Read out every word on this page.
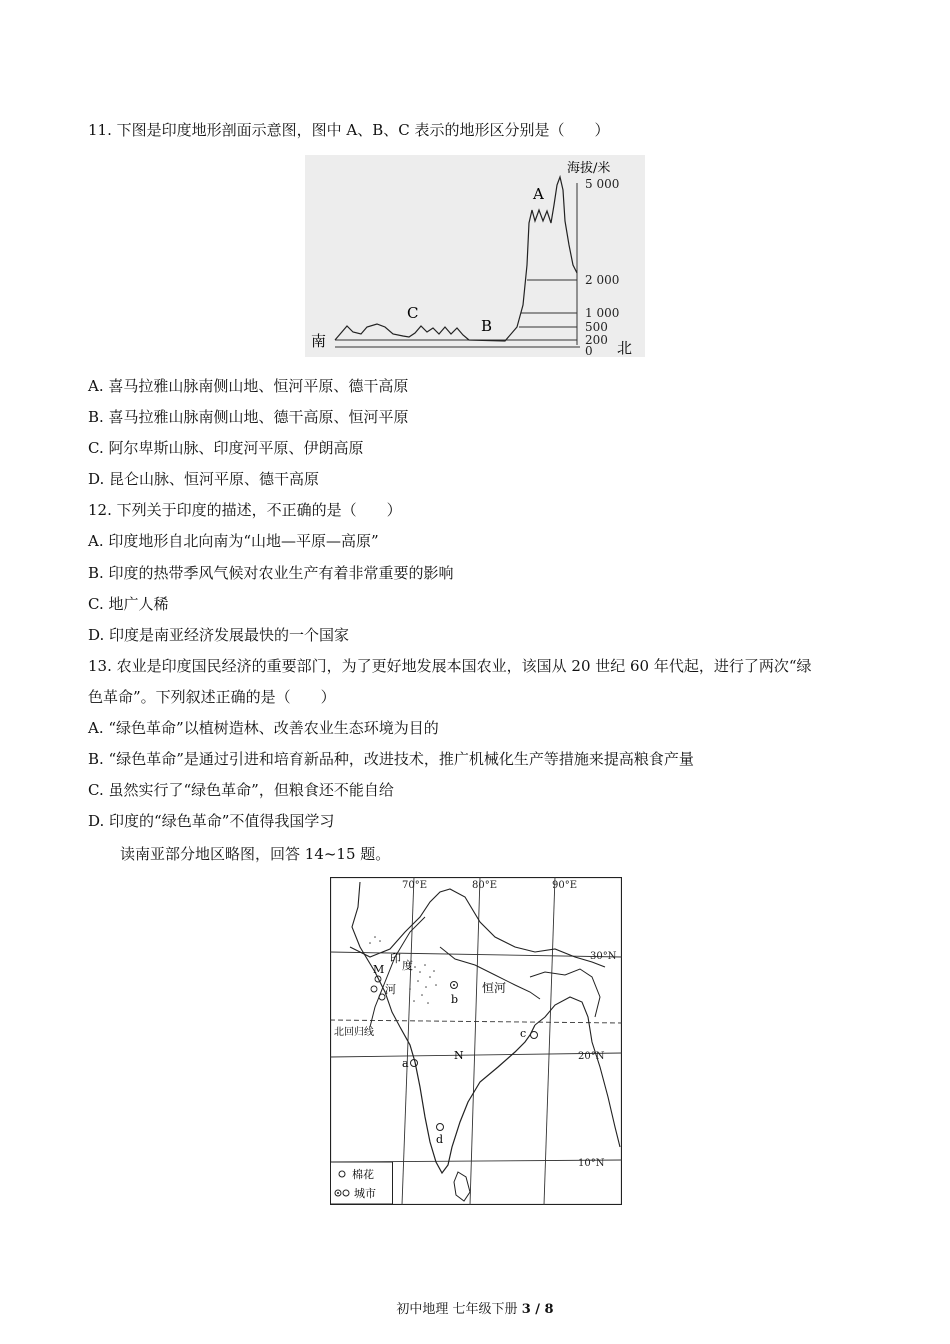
11. 下图是印度地形剖面示意图，图中 A、B、C 表示的地形区分别是（　　）
海拔/米
5 000
2 000
1 000
500
200
0
南	北
A
B
C
A. 喜马拉雅山脉南侧山地、恒河平原、德干高原
B. 喜马拉雅山脉南侧山地、德干高原、恒河平原
C. 阿尔卑斯山脉、印度河平原、伊朗高原
D. 昆仑山脉、恒河平原、德干高原
12. 下列关于印度的描述，不正确的是（　　）
A. 印度地形自北向南为“山地—平原—高原”
B. 印度的热带季风气候对农业生产有着非常重要的影响
C. 地广人稀
D. 印度是南亚经济发展最快的一个国家
13. 农业是印度国民经济的重要部门，为了更好地发展本国农业，该国从 20 世纪 60 年代起，进行了两次“绿
色革命”。下列叙述正确的是（　　）
A. “绿色革命”以植树造林、改善农业生态环境为目的
B. “绿色革命”是通过引进和培育新品种，改进技术，推广机械化生产等措施来提高粮食产量
C. 虽然实行了“绿色革命”，但粮食还不能自给
D. 印度的“绿色革命”不值得我国学习
读南亚部分地区略图，回答 14~15 题。
北回归线
70°E	80°E	90°E
30°N
20°N
10°N
恒河
印
度
河
M
N
a
b
c
d
棉花
城市
初中地理 七年级下册 3 / 8
